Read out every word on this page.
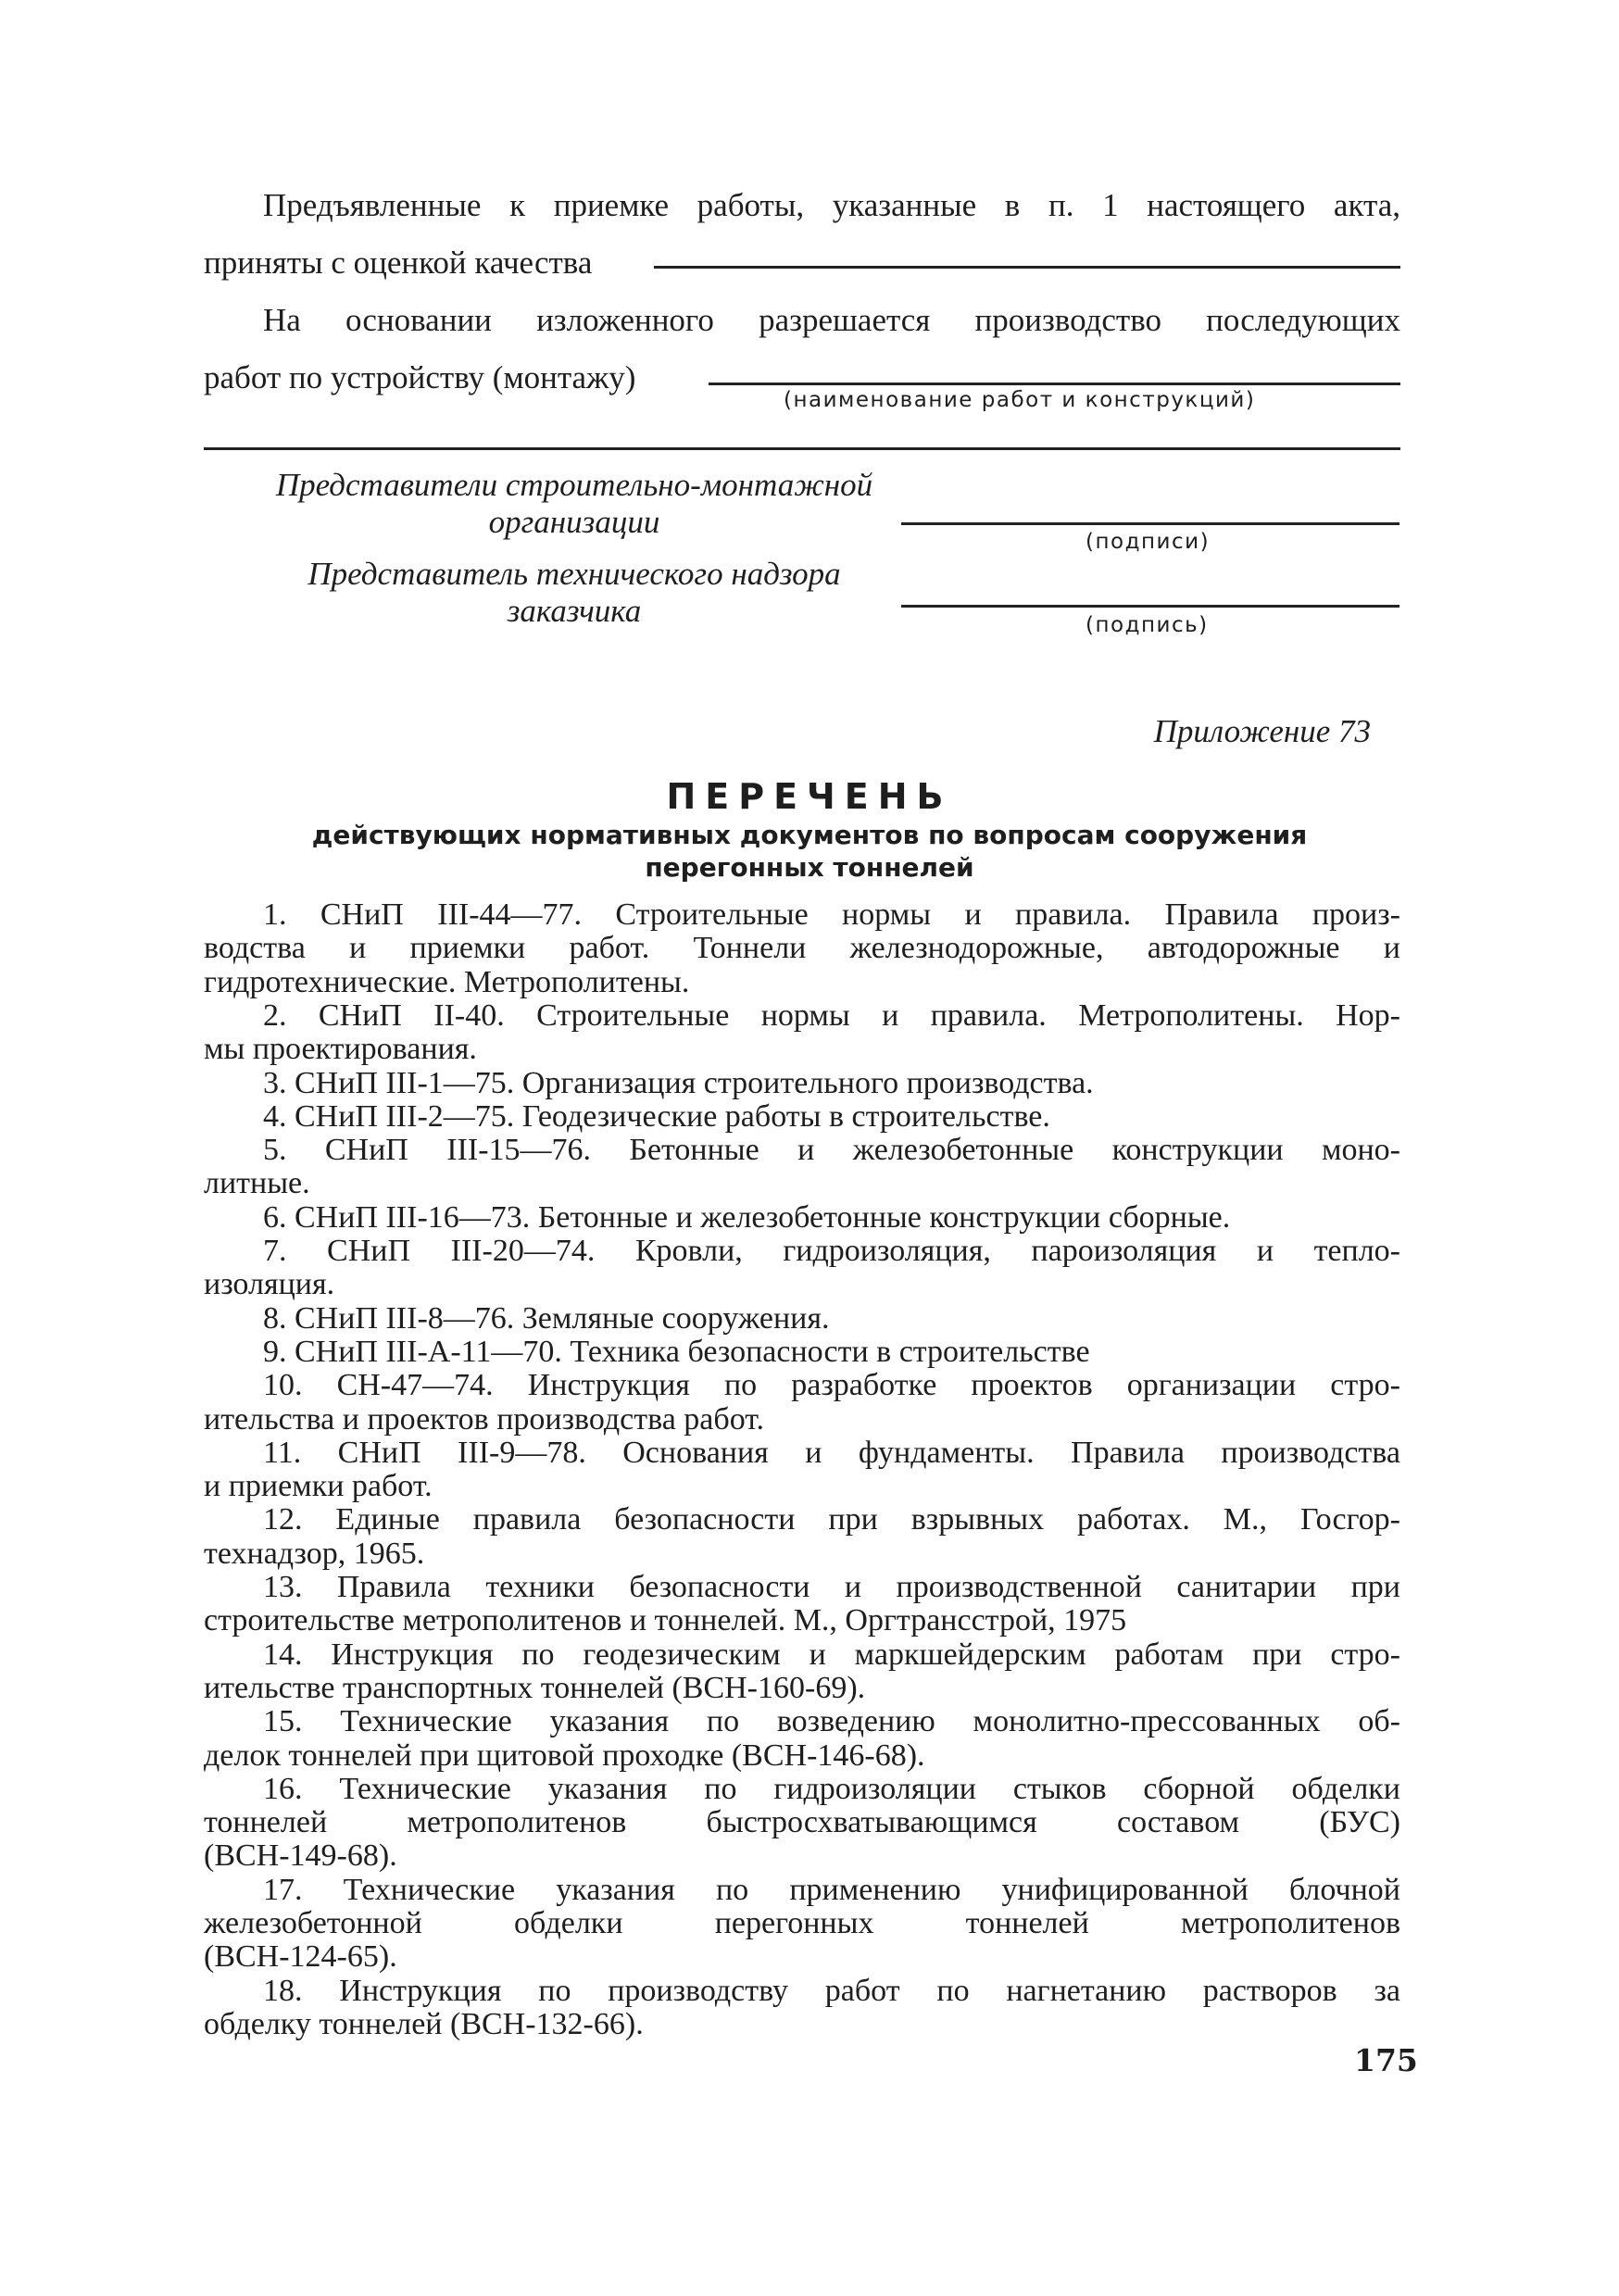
Предъявленные к приемке работы, указанные в п. 1 настоящего акта,
приняты с оценкой качества
На основании изложенного разрешается производство последующих
работ по устройству (монтажу)
(наименование работ и конструкций)
Представители строительно-монтажной
организации
(подписи)
Представитель технического надзора
заказчика	(подпись)
Приложение 73
ПЕРЕЧЕНЬ
действующих нормативных документов по вопросам сооружения
перегонных тоннелей
1. СНиП III-44—77. Строительные нормы и правила. Правила произ-
водства и приемки работ. Тоннели железнодорожные, автодорожные и
гидротехнические. Метрополитены.
2. СНиП II-40. Строительные нормы и правила. Метрополитены. Нор-
мы проектирования.
3. СНиП III-1—75. Организация строительного производства.
4. СНиП III-2—75. Геодезические работы в строительстве.
5. СНиП III-15—76. Бетонные и железобетонные конструкции моно-
литные.
6. СНиП III-16—73. Бетонные и железобетонные конструкции сборные.
7. СНиП III-20—74. Кровли, гидроизоляция, пароизоляция и тепло-
изоляция.
8. СНиП III-8—76. Земляные сооружения.
9. СНиП III-А-11—70. Техника безопасности в строительстве
10. СН-47—74. Инструкция по разработке проектов организации стро-
ительства и проектов производства работ.
11. СНиП III-9—78. Основания и фундаменты. Правила производства
и приемки работ.
12. Единые правила безопасности при взрывных работах. М., Госгор-
технадзор, 1965.
13. Правила техники безопасности и производственной санитарии при
строительстве метрополитенов и тоннелей. М., Оргтрансстрой, 1975
14. Инструкция по геодезическим и маркшейдерским работам при стро-
ительстве транспортных тоннелей (ВСН-160-69).
15. Технические указания по возведению монолитно-прессованных об-
делок тоннелей при щитовой проходке (ВСН-146-68).
16. Технические указания по гидроизоляции стыков сборной обделки
тоннелей метрополитенов быстросхватывающимся составом (БУС)
(ВСН-149-68).
17. Технические указания по применению унифицированной блочной
железобетонной обделки перегонных тоннелей метрополитенов
(ВСН-124-65).
18. Инструкция по производству работ по нагнетанию растворов за
обделку тоннелей (ВСН-132-66).
175
